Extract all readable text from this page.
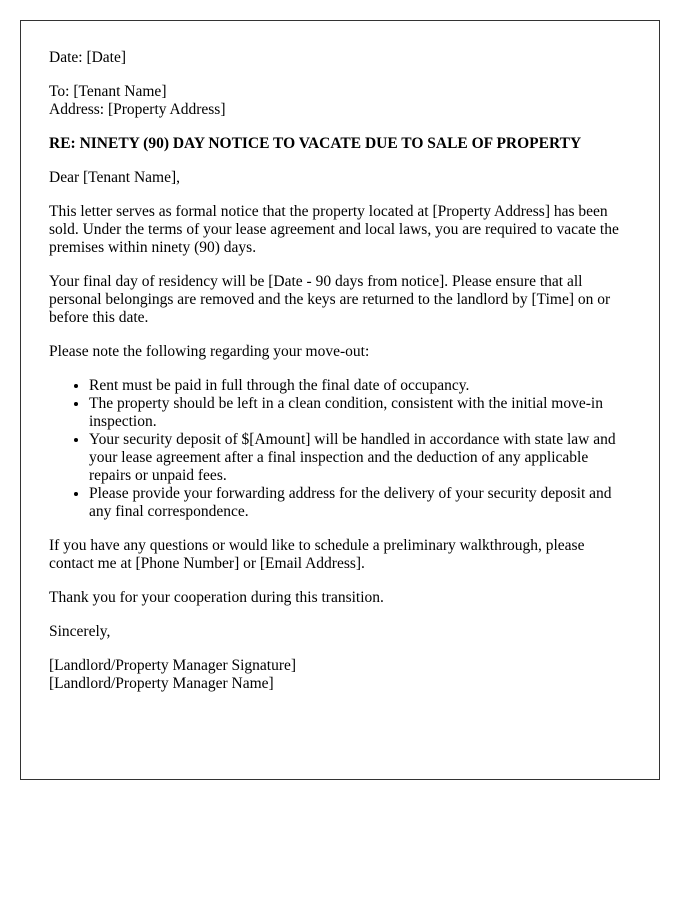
Date: [Date]

To: [Tenant Name]
Address: [Property Address]

RE: NINETY (90) DAY NOTICE TO VACATE DUE TO SALE OF PROPERTY

Dear [Tenant Name],

This letter serves as formal notice that the property located at [Property Address] has been sold. Under the terms of your lease agreement and local laws, you are required to vacate the premises within ninety (90) days.

Your final day of residency will be [Date - 90 days from notice]. Please ensure that all personal belongings are removed and the keys are returned to the landlord by [Time] on or before this date.

Please note the following regarding your move-out:

• Rent must be paid in full through the final date of occupancy.
• The property should be left in a clean condition, consistent with the initial move-in inspection.
• Your security deposit of $[Amount] will be handled in accordance with state law and your lease agreement after a final inspection and the deduction of any applicable repairs or unpaid fees.
• Please provide your forwarding address for the delivery of your security deposit and any final correspondence.

If you have any questions or would like to schedule a preliminary walkthrough, please contact me at [Phone Number] or [Email Address].

Thank you for your cooperation during this transition.

Sincerely,

[Landlord/Property Manager Signature]
[Landlord/Property Manager Name]
